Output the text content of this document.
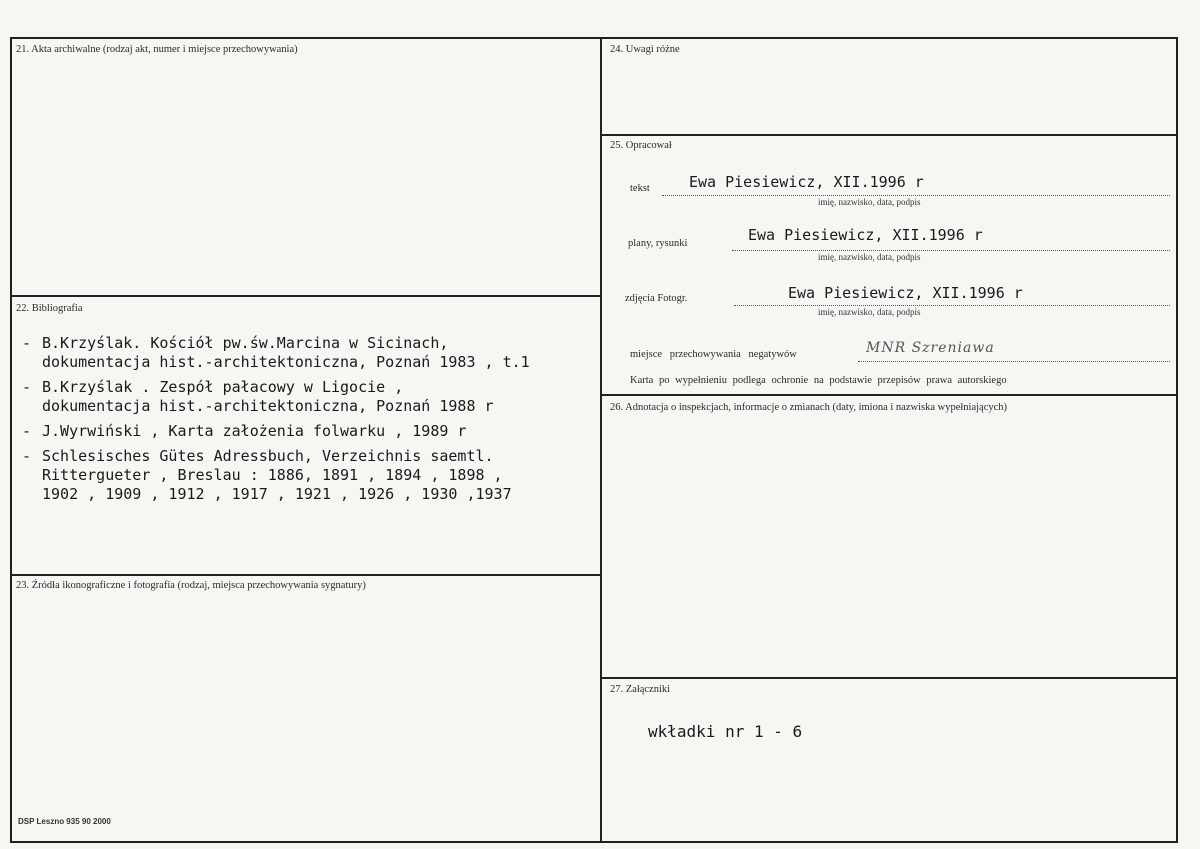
21. Akta archiwalne (rodzaj akt, numer i miejsce przechowywania)
22. Bibliografia
- B.Krzyślak. Kościół pw.św.Marcina w Sicinach,
dokumentacja hist.-architektoniczna, Poznań 1983 , t.1
- B.Krzyślak . Zespół pałacowy w Ligocie ,
dokumentacja hist.-architektoniczna, Poznań 1988 r
- J.Wyrwiński , Karta założenia folwarku , 1989 r
- Schlesisches Gütes Adressbuch, Verzeichnis saemtl.
Rittergueter , Breslau : 1886, 1891 , 1894 , 1898 ,
1902 , 1909 , 1912 , 1917 , 1921 , 1926 , 1930 ,1937
23. Źródła ikonograficzne i fotografia (rodzaj, miejsca przechowywania sygnatury)
24. Uwagi różne
25. Opracował
tekst	Ewa Piesiewicz, XII.1996 r
imię, nazwisko, data, podpis
plany, rysunki	Ewa Piesiewicz, XII.1996 r
imię, nazwisko, data, podpis
zdjęcia Fotogr.	Ewa Piesiewicz, XII.1996 r
imię, nazwisko, data, podpis
miejsce przechowywania negatywów	MNR Szreniawa
Karta po wypełnieniu podlega ochronie na podstawie przepisów prawa autorskiego
26. Adnotacja o inspekcjach, informacje o zmianach (daty, imiona i nazwiska wypełniających)
27. Załączniki
wkładki nr 1 - 6
DSP Leszno 935 90 2000
